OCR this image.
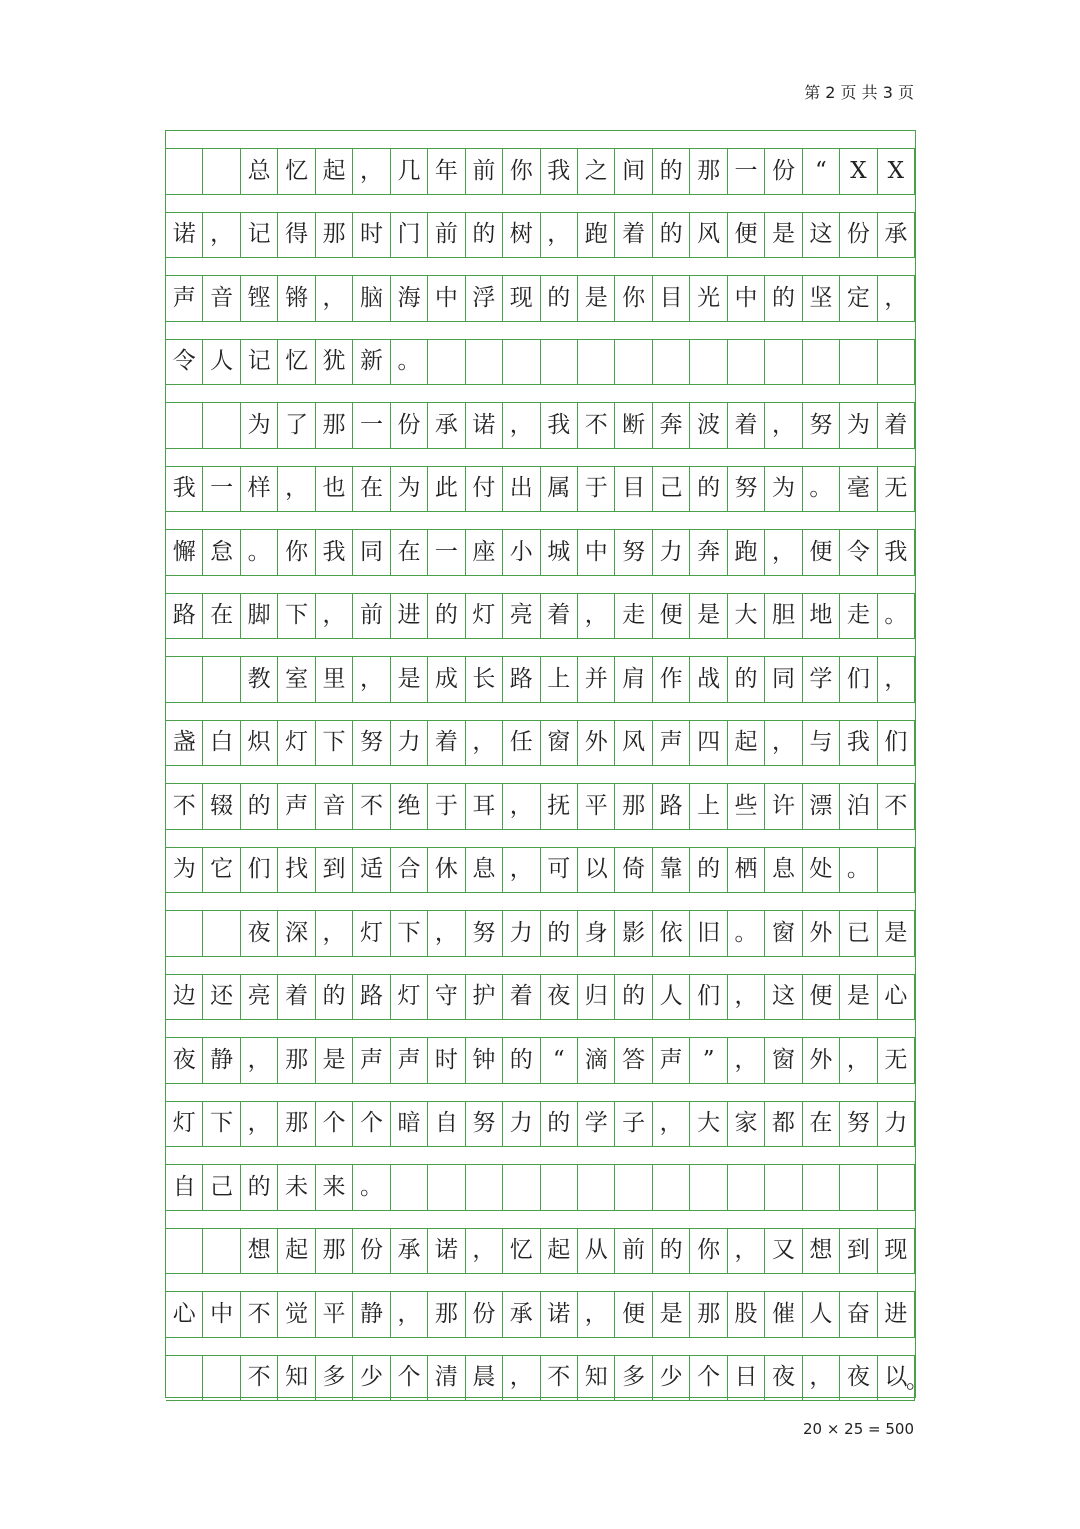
第 2 页 共 3 页
总 忆 起 ， 几 年 前 你 我 之 间 的 那 一 份 “	X X
诺 ， 记 得 那 时 门 前 的 树 ， 跑 着 的 风 便 是 这 份 承
声 音 铿 锵 ， 脑 海 中 浮 现 的 是 你 目 光 中 的 坚 定 ，
令 人 记 忆 犹 新 。
为 了 那 一 份 承 诺 ， 我 不 断 奔 波 着 ， 努 为 着
我 一 样 ， 也 在 为 此 付 出 属 于 目 己 的 努 为 。 毫 无
懈 怠 。 你 我 同 在 一 座 小 城 中 努 力 奔 跑 ， 便 令 我
路 在 脚 下 ， 前 进 的 灯 亮 着 ， 走 便 是 大 胆 地 走 。
教 室 里 ， 是 成 长 路 上 并 肩 作 战 的 同 学 们 ，
盏 白 炽 灯 下 努 力 着 ， 任 窗 外 风 声 四 起 ， 与 我 们
不 辍 的 声 音 不 绝 于 耳 ， 抚 平 那 路 上 些 许 漂 泊 不
为 它 们 找 到 适 合 休 息 ， 可 以 倚 靠 的 栖 息 处 。
夜 深 ， 灯 下 ， 努 力 的 身 影 依 旧 。 窗 外 已 是
边 还 亮 着 的 路 灯 守 护 着 夜 归 的 人 们 ， 这 便 是 心
夜 静 ， 那 是 声 声 时 钟 的 “ 滴 答 声 ” ， 窗 外 ， 无
灯 下 ， 那 个 个 暗 自 努 力 的 学 子 ， 大 家 都 在 努 力
自 己 的 未 来 。
想 起 那 份 承 诺 ， 忆 起 从 前 的 你 ， 又 想 到 现
心 中 不 觉 平 静 ， 那 份 承 诺 ， 便 是 那 股 催 人 奋 进
不 知 多 少 个 清 晨 ， 不 知 多 少 个 日 夜 ， 夜 以
。
20 × 25 = 500
